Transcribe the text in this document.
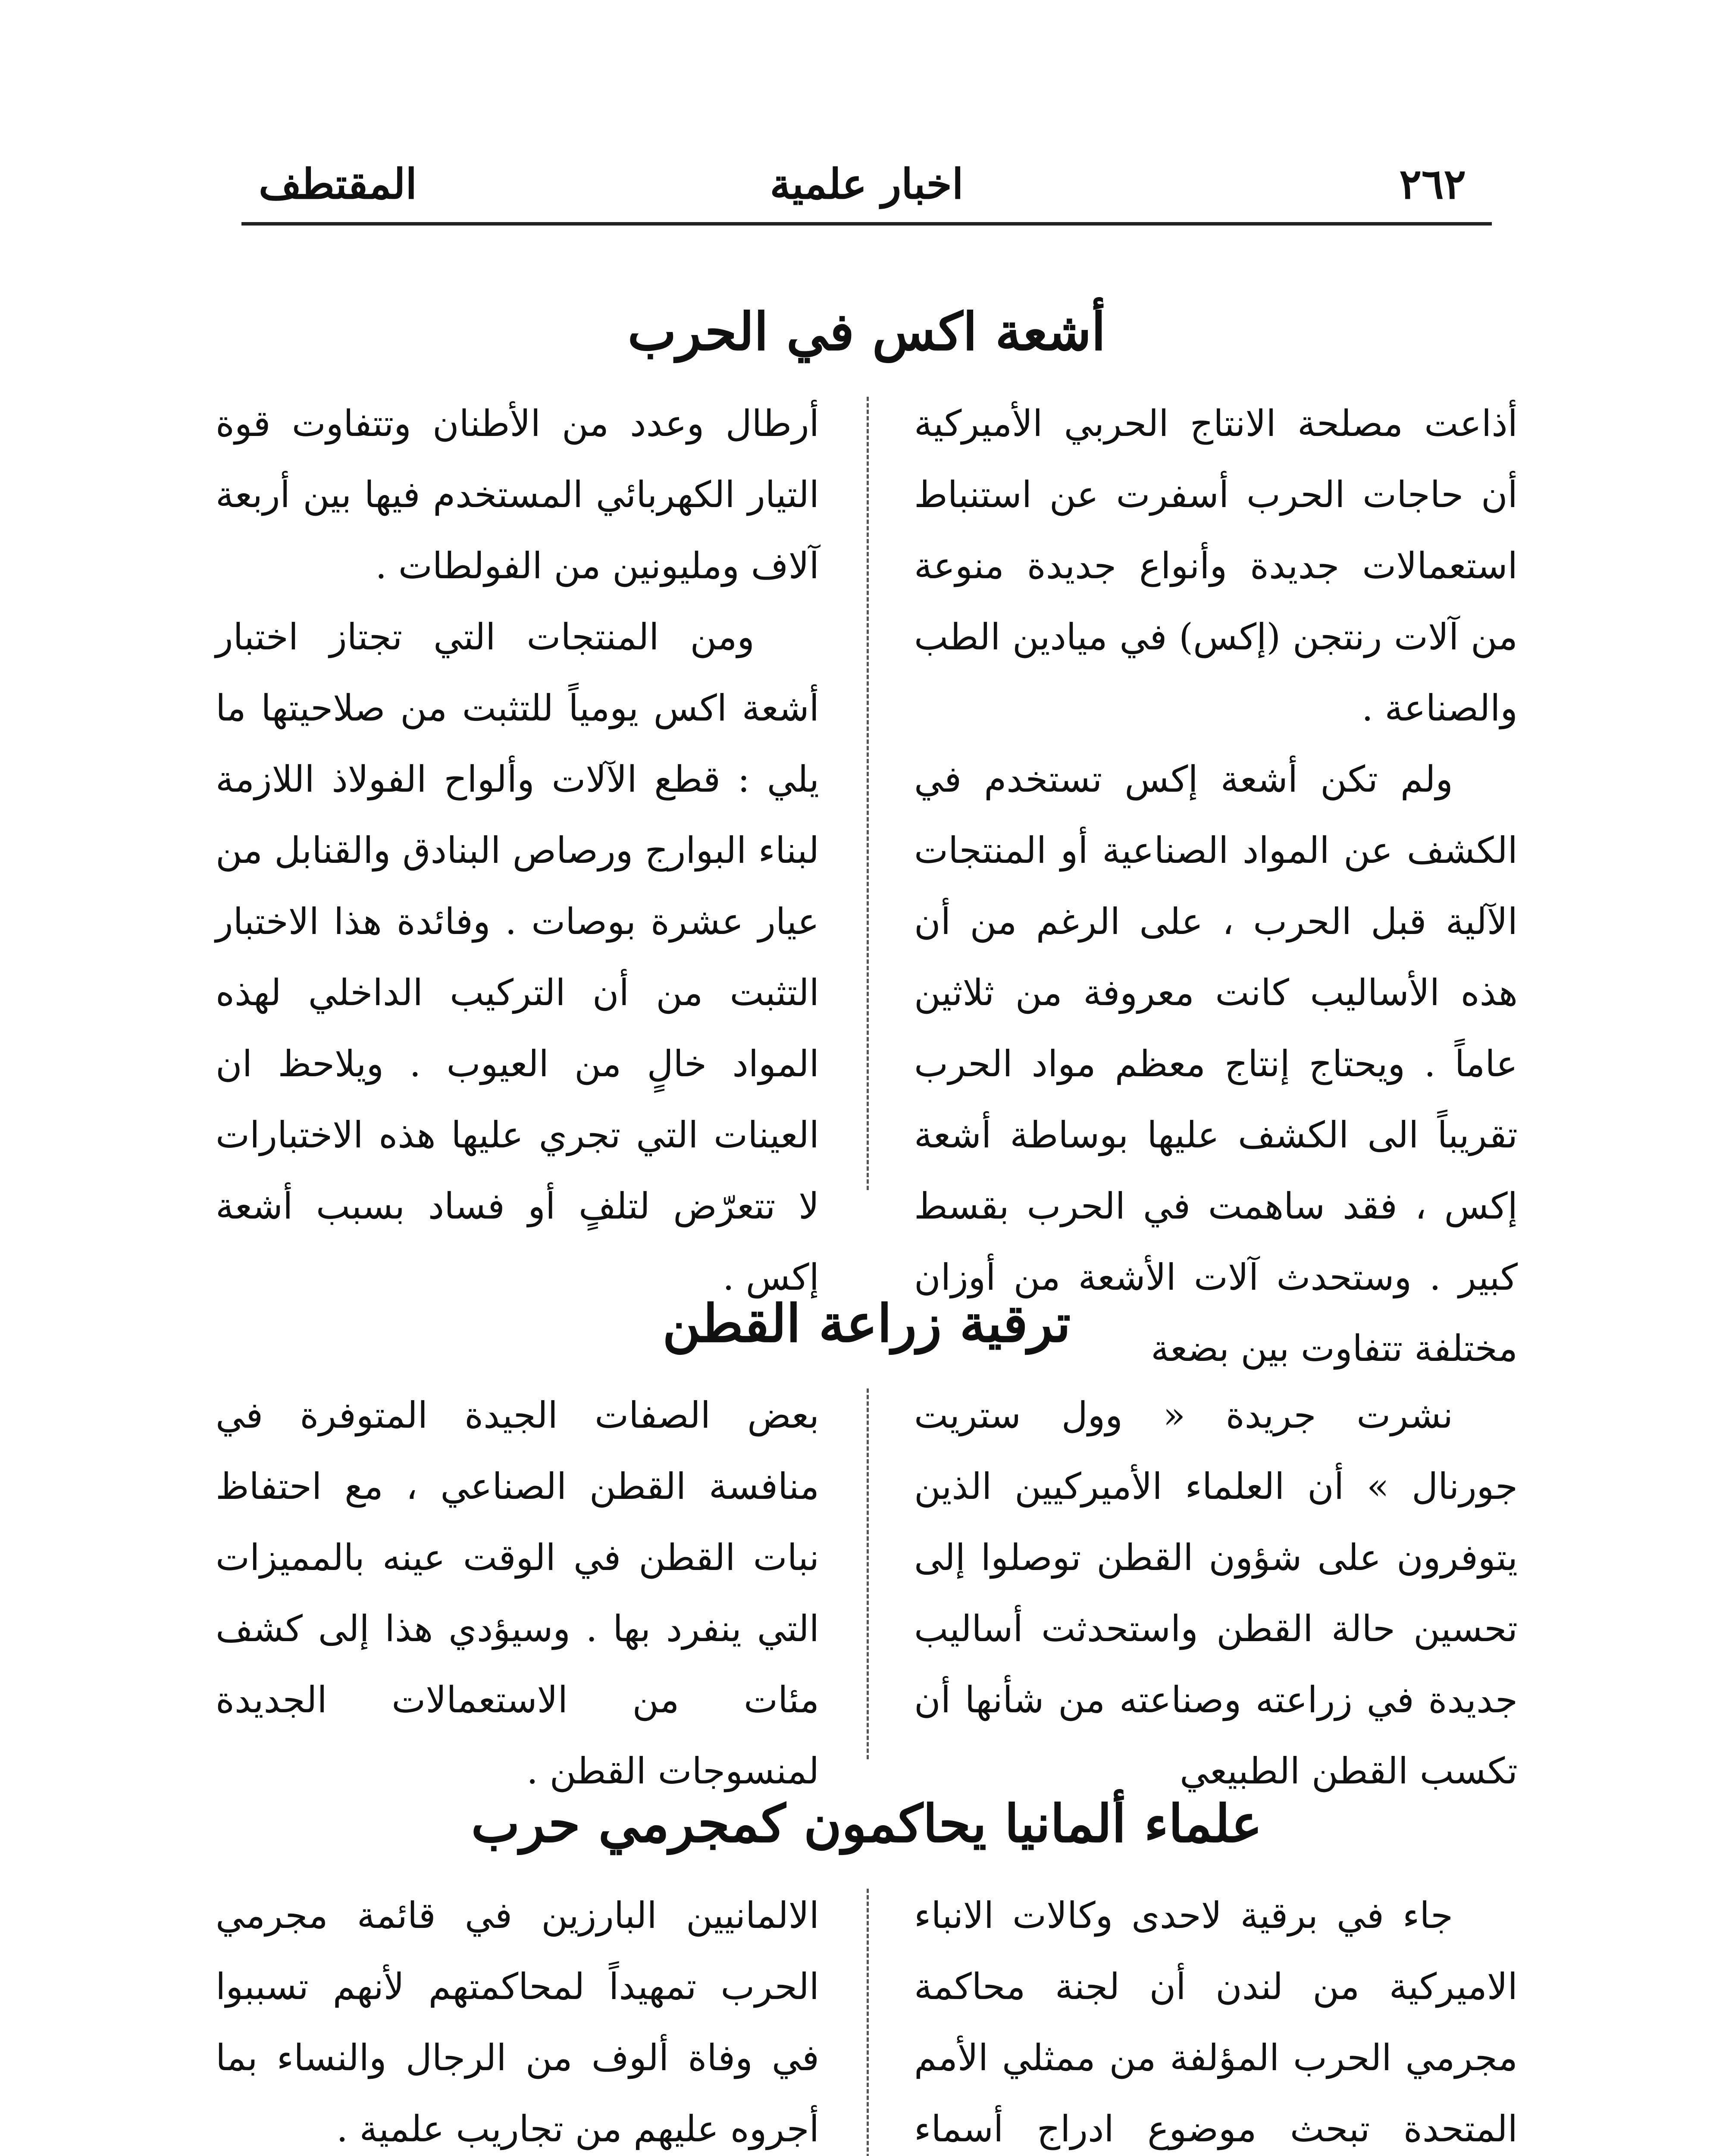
٢٦٢
اخبار علمية
المقتطف
أشعة اكس في الحرب

أذاعت مصلحة الانتاج الحربي الأميركية أن حاجات الحرب أسفرت عن استنباط استعمالات جديدة وأنواع جديدة منوعة من آلات رنتجن (إكس) في ميادين الطب والصناعة .

ولم تكن أشعة إكس تستخدم في الكشف عن المواد الصناعية أو المنتجات الآلية قبل الحرب ، على الرغم من أن هذه الأساليب كانت معروفة من ثلاثين عاماً . ويحتاج إنتاج معظم مواد الحرب تقريباً الى الكشف عليها بوساطة أشعة إكس ، فقد ساهمت في الحرب بقسط كبير . وستحدث آلات الأشعة من أوزان مختلفة تتفاوت بين بضعة

أرطال وعدد من الأطنان وتتفاوت قوة التيار الكهربائي المستخدم فيها بين أربعة آلاف ومليونين من الفولطات .

ومن المنتجات التي تجتاز اختبار أشعة اكس يومياً للتثبت من صلاحيتها ما يلي : قطع الآلات وألواح الفولاذ اللازمة لبناء البوارج ورصاص البنادق والقنابل من عيار عشرة بوصات . وفائدة هذا الاختبار التثبت من أن التركيب الداخلي لهذه المواد خالٍ من العيوب . ويلاحظ ان العينات التي تجري عليها هذه الاختبارات لا تتعرّض لتلفٍ أو فساد بسبب أشعة إكس .

ترقية زراعة القطن

نشرت جريدة « وول ستريت جورنال » أن العلماء الأميركيين الذين يتوفرون على شؤون القطن توصلوا إلى تحسين حالة القطن واستحدثت أساليب جديدة في زراعته وصناعته من شأنها أن تكسب القطن الطبيعي

بعض الصفات الجيدة المتوفرة في منافسة القطن الصناعي ، مع احتفاظ نبات القطن في الوقت عينه بالمميزات التي ينفرد بها . وسيؤدي هذا إلى كشف مئات من الاستعمالات الجديدة لمنسوجات القطن .

علماء ألمانيا يحاكمون كمجرمي حرب

جاء في برقية لاحدى وكالات الانباء الاميركية من لندن أن لجنة محاكمة مجرمي الحرب المؤلفة من ممثلي الأمم المتحدة تبحث موضوع ادراج أسماء

الالمانيين البارزين في قائمة مجرمي الحرب تمهيداً لمحاكمتهم لأنهم تسببوا في وفاة ألوف من الرجال والنساء بما أجروه عليهم من تجاريب علمية .
